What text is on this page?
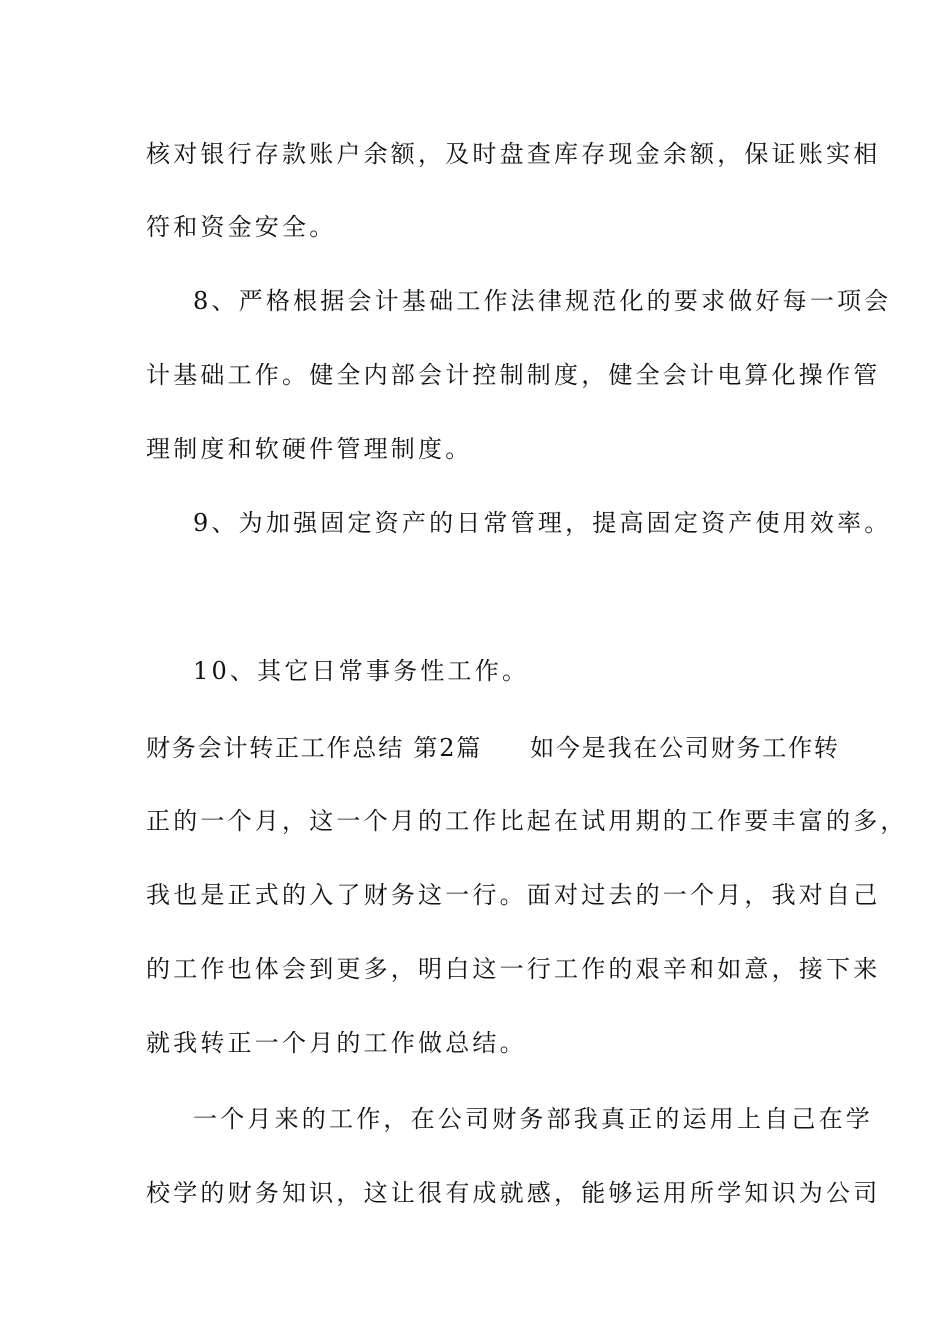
核对银行存款账户余额，及时盘查库存现金余额，保证账实相
符和资金安全。
8、严格根据会计基础工作法律规范化的要求做好每一项会
计基础工作。健全内部会计控制制度，健全会计电算化操作管
理制度和软硬件管理制度。
9、为加强固定资产的日常管理，提高固定资产使用效率。
10、其它日常事务性工作。
财务会计转正工作总结 第2篇 如今是我在公司财务工作转
正的一个月，这一个月的工作比起在试用期的工作要丰富的多，
我也是正式的入了财务这一行。面对过去的一个月，我对自己
的工作也体会到更多，明白这一行工作的艰辛和如意，接下来
就我转正一个月的工作做总结。
一个月来的工作，在公司财务部我真正的运用上自己在学
校学的财务知识，这让很有成就感，能够运用所学知识为公司
